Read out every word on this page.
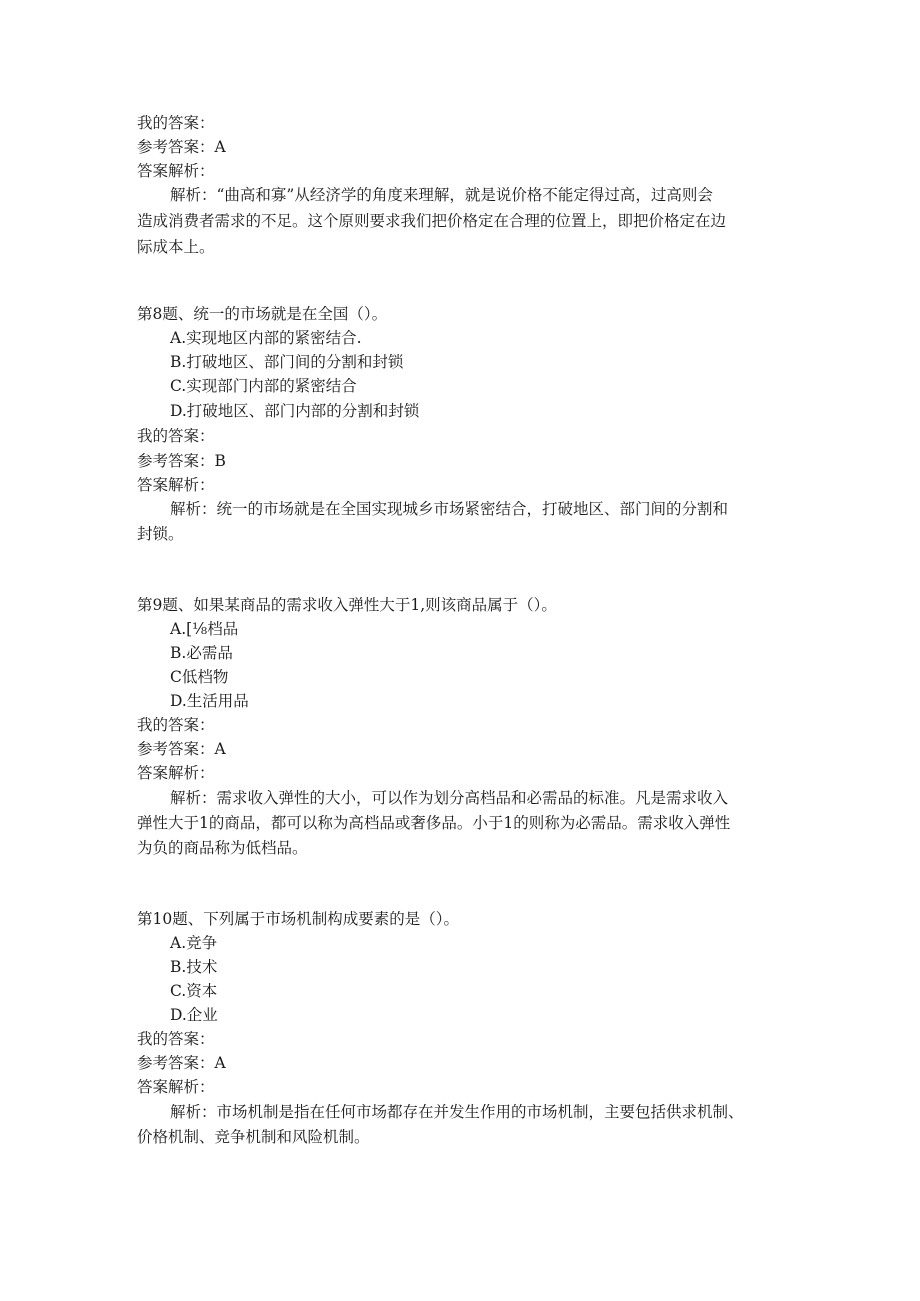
我的答案：
参考答案：A
答案解析：
解析：“曲高和寡”从经济学的角度来理解，就是说价格不能定得过高，过高则会
造成消费者需求的不足。这个原则要求我们把价格定在合理的位置上，即把价格定在边
际成本上。
第8题、统一的市场就是在全国（）。
A.实现地区内部的紧密结合.
B.打破地区、部门间的分割和封锁
C.实现部门内部的紧密结合
D.打破地区、部门内部的分割和封锁
我的答案：
参考答案：B
答案解析：
解析：统一的市场就是在全国实现城乡市场紧密结合，打破地区、部门间的分割和
封锁。
第9题、如果某商品的需求收入弹性大于1,则该商品属于（）。
A.[⅛档品
B.必需品
C低档物
D.生活用品
我的答案：
参考答案：A
答案解析：
解析：需求收入弹性的大小，可以作为划分高档品和必需品的标准。凡是需求收入
弹性大于1的商品，都可以称为高档品或奢侈品。小于1的则称为必需品。需求收入弹性
为负的商品称为低档品。
第10题、下列属于市场机制构成要素的是（）。
A.竞争
B.技术
C.资本
D.企业
我的答案：
参考答案：A
答案解析：
解析：市场机制是指在任何市场都存在并发生作用的市场机制，主要包括供求机制、
价格机制、竞争机制和风险机制。
